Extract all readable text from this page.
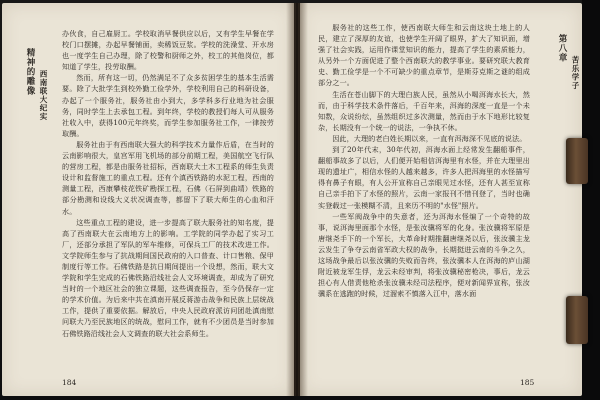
精神的雕像 西南联大纪实

办伙食，自己雇厨工。学校取消早餐供应以后，又有学生早餐在学校门口摆摊，办起早餐铺面，卖稀饭豆浆。学校的洗澡堂、开水房也一度学生自己办理，除了校警和厨师之外，校工的其他岗位，都知道了学生，投劳取酬。

然而，所有这一切，仍然满足不了众多贫困学生的基本生活需要。除了大批学生到校外勤工俭学外，学校利用自己的科研设备，办起了一个服务社，服务社由小到大，多学科多行业地为社会服务，同时学生上去承包工程。到年终，学校的教授们每人可从服务社收入中，获得100元年终奖，而学生参加服务社工作，一律按劳取酬。

服务社由于有西南联大强大的科学技术力量作后盾，在当时的云南影响很大，皇宫军用飞机场的部分前期工程，美国航空飞行队的营房工程，都是由服务社招标，西南联大土木工程系的师生负责设计和监督施工的重点工程。还有个滇西铁路的水泥工程，西南的测量工程，西康攀枝花铁矿勘探工程，石佛（石屏到曲靖）铁路的部分勘测和设线大义状况调查等，都留下了联大师生的心血和汗水。

这些重点工程的建设，进一步提高了联大服务社的知名度，提高了西南联大在云南地方上的影响。工学院的同学办起了实习工厂，还部分承担了军队的军车维修，可保兵工厂的技术改进工作。文学院师生参与了抗战期间国民政府的入口普查、计口售粮、保甲制度行等工作。石佛铁路是抗日期间提出一个设想，然而，联大文学院和学生完成的石佛铁路沿线社会人文环境调查，却成为了研究当时的一个地区社会的独立课题，这些调查报告，至今仍保存一定的学术价值。为后来中共在滇南开展反蒋游击战争和民族上层统战工作，提供了重要依据。解放后，中央人民政府派访问团赴滇南慰问联大乃至民族地区的统战，慰问工作，就有不少团员是当时参加石佛铁路沿线社会人文调查的联大社会系师生。

184

服务社的这些工作，使西南联大师生和云南这块土地上的人民，建立了深厚的友谊，也使学生开阔了眼界，扩大了知识面，增强了社会实践，运用作课堂知识的能力，提高了学生的素质能力，从另外一个方面促进了整个西南联大的教学事业。要研究联大教育史、勤工俭学是一个不可缺少的重点章节，是斯芬克斯之谜的组成部分之一。

生活在苍山脚下的大理白族人民，虽然从小喝洱海水长大，然而，由于科学技术条件落后，千百年来，洱海的深度一直是一个未知数，众说纷纭，虽然组织过多次测量，然而由于水下地形比较复杂，长期没有一个统一的说法，一争执不休。

因此，大理的老白姓长期以来，一直有洱海深不见底的说法。

到了20年代末，30年代初，洱海水面上经常发生翻船事件，翻船事故多了以后，人们便开始相信洱海里有水怪，并在大理里出现的遗址广，相信水怪的人越来越多，许多人把洱海里的水怪描写得有鼻子有眼，有人公开宣称自己亲眼见过水怪，还有人甚至宣称自己亲手拍下了水怪的照片，云南一家报刊不惜刊登了，当时也确实登载过一张模糊不清，且来历不明的"水怪"照片。

一些军阀战争中的失意者，还为洱海水怪编了一个奇特的故事，说洱海里面那个水怪，是张汝骥将军的化身。张汝骥将军原是唐继尧手下的一个军长，大革命时期推翻唐继尧以后，张汝骥主龙云发生了争夺云南省军政大权的战争，长期挺进云南的斗争之久，这场战争最后以张汝骥的失败而告终，张汝骥本人在洱海的庐山湖附近被龙军生俘，龙云未经审判，将张汝骥秘密枪决，事后，龙云担心有人借责他枪杀张汝骥未经司法程序，便对新闻界宣称，张汝骥系在逃跑的时候，过溜索不慎落入江中，落水面

185
第八章
苦乐学子
